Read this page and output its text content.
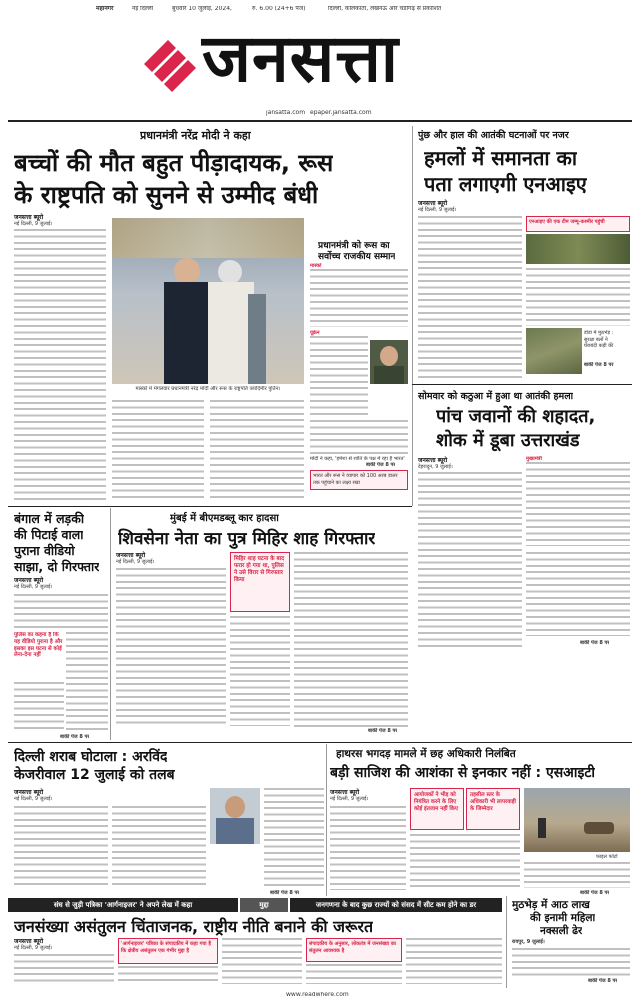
महानगर	नई दिल्ली	बुधवार 10 जुलाई, 2024,	रु. 6.00 (24+6 पेज)	दिल्ली, कोलकाता, लखनऊ और चंडीगढ़ से प्रकाशित
जनसत्ता
jansatta.com epaper.jansatta.com
प्रधानमंत्री नरेंद्र मोदी ने कहा
बच्चों की मौत बहुत पीड़ादायक, रूस
के राष्ट्रपति को सुनने से उम्मीद बंधी
जनसत्ता ब्यूरो
नई दिल्ली, 9 जुलाई।
मास्को में मंगलवार प्रधानमंत्री नरेंद्र मोदी और रूस के राष्ट्रपति व्लादिमीर पुतिन।
प्रधानमंत्री को रूस का
सर्वोच्च राजकीय सम्मान
मास्को
यूक्रेन
मोदी ने कहा, 'हमेशा से शांति के पक्ष में रहा है भारत'
भारत और रूस ने व्यापार को 100 अरब डालर तक पहुंचाने का लक्ष्य रखा
बाकी पेज 8 पर
पुंछ और हाल की आतंकी घटनाओं पर नजर
हमलों में समानता का
पता लगाएगी एनआइए
जनसत्ता ब्यूरो
नई दिल्ली, 9 जुलाई।
एनआइए की एक टीम जम्मू-कश्मीर पहुंची
डोडा में मुठभेड़ : सुरक्षा बलों ने घेराबंदी कड़ी की
बाकी पेज 8 पर
सोमवार को कठुआ में हुआ था आतंकी हमला
पांच जवानों की शहादत,
शोक में डूबा उत्तराखंड
जनसत्ता ब्यूरो
देहरादून, 9 जुलाई।
मुख्यमंत्री
बाकी पेज 8 पर
बंगाल में लड़की
की पिटाई वाला
पुराना वीडियो
साझा, दो गिरफ्तार
जनसत्ता ब्यूरो
नई दिल्ली, 9 जुलाई।
पुलिस का कहना है कि यह वीडियो पुराना है और इसका इस घटना से कोई लेना-देना नहीं
बाकी पेज 8 पर
मुंबई में बीएमडब्लू कार हादसा
शिवसेना नेता का पुत्र मिहिर शाह गिरफ्तार
जनसत्ता ब्यूरो
नई दिल्ली, 9 जुलाई।	मिहिर शाह घटना के बाद फरार हो गया था, पुलिस ने उसे विरार से गिरफ्तार किया
बाकी पेज 8 पर
दिल्ली शराब घोटाला : अरविंद
केजरीवाल 12 जुलाई को तलब
जनसत्ता ब्यूरो
नई दिल्ली, 9 जुलाई।
बाकी पेज 8 पर
हाथरस भगदड़ मामले में छह अधिकारी निलंबित
बड़ी साजिश की आशंका से इनकार नहीं : एसआइटी
जनसत्ता ब्यूरो
नई दिल्ली, 9 जुलाई।
आयोजकों ने भीड़ को नियंत्रित करने के लिए कोई इंतजाम नहीं किए
तहसील स्तर के अधिकारी भी लापरवाही के जिम्मेदार
फाइल फोटो
बाकी पेज 8 पर
संघ से जुड़ी पत्रिका 'आर्गनाइजर' ने अपने लेख में कहा	मुद्दा	जनगणना के बाद कुछ राज्यों को संसद में सीट कम होने का डर
जनसंख्या असंतुलन चिंताजनक, राष्ट्रीय नीति बनाने की जरूरत
जनसत्ता ब्यूरो
नई दिल्ली, 9 जुलाई।
'आर्गनाइजर' पत्रिका के संपादकीय में कहा गया है कि क्षेत्रीय असंतुलन एक गंभीर मुद्दा है
संपादकीय के अनुसार, लोकतंत्र में जनसंख्या का संतुलन आवश्यक है
मुठभेड़ में आठ लाख
की इनामी महिला
नक्सली ढेर
रायपुर, 9 जुलाई।
बाकी पेज 8 पर
www.readwhere.com
